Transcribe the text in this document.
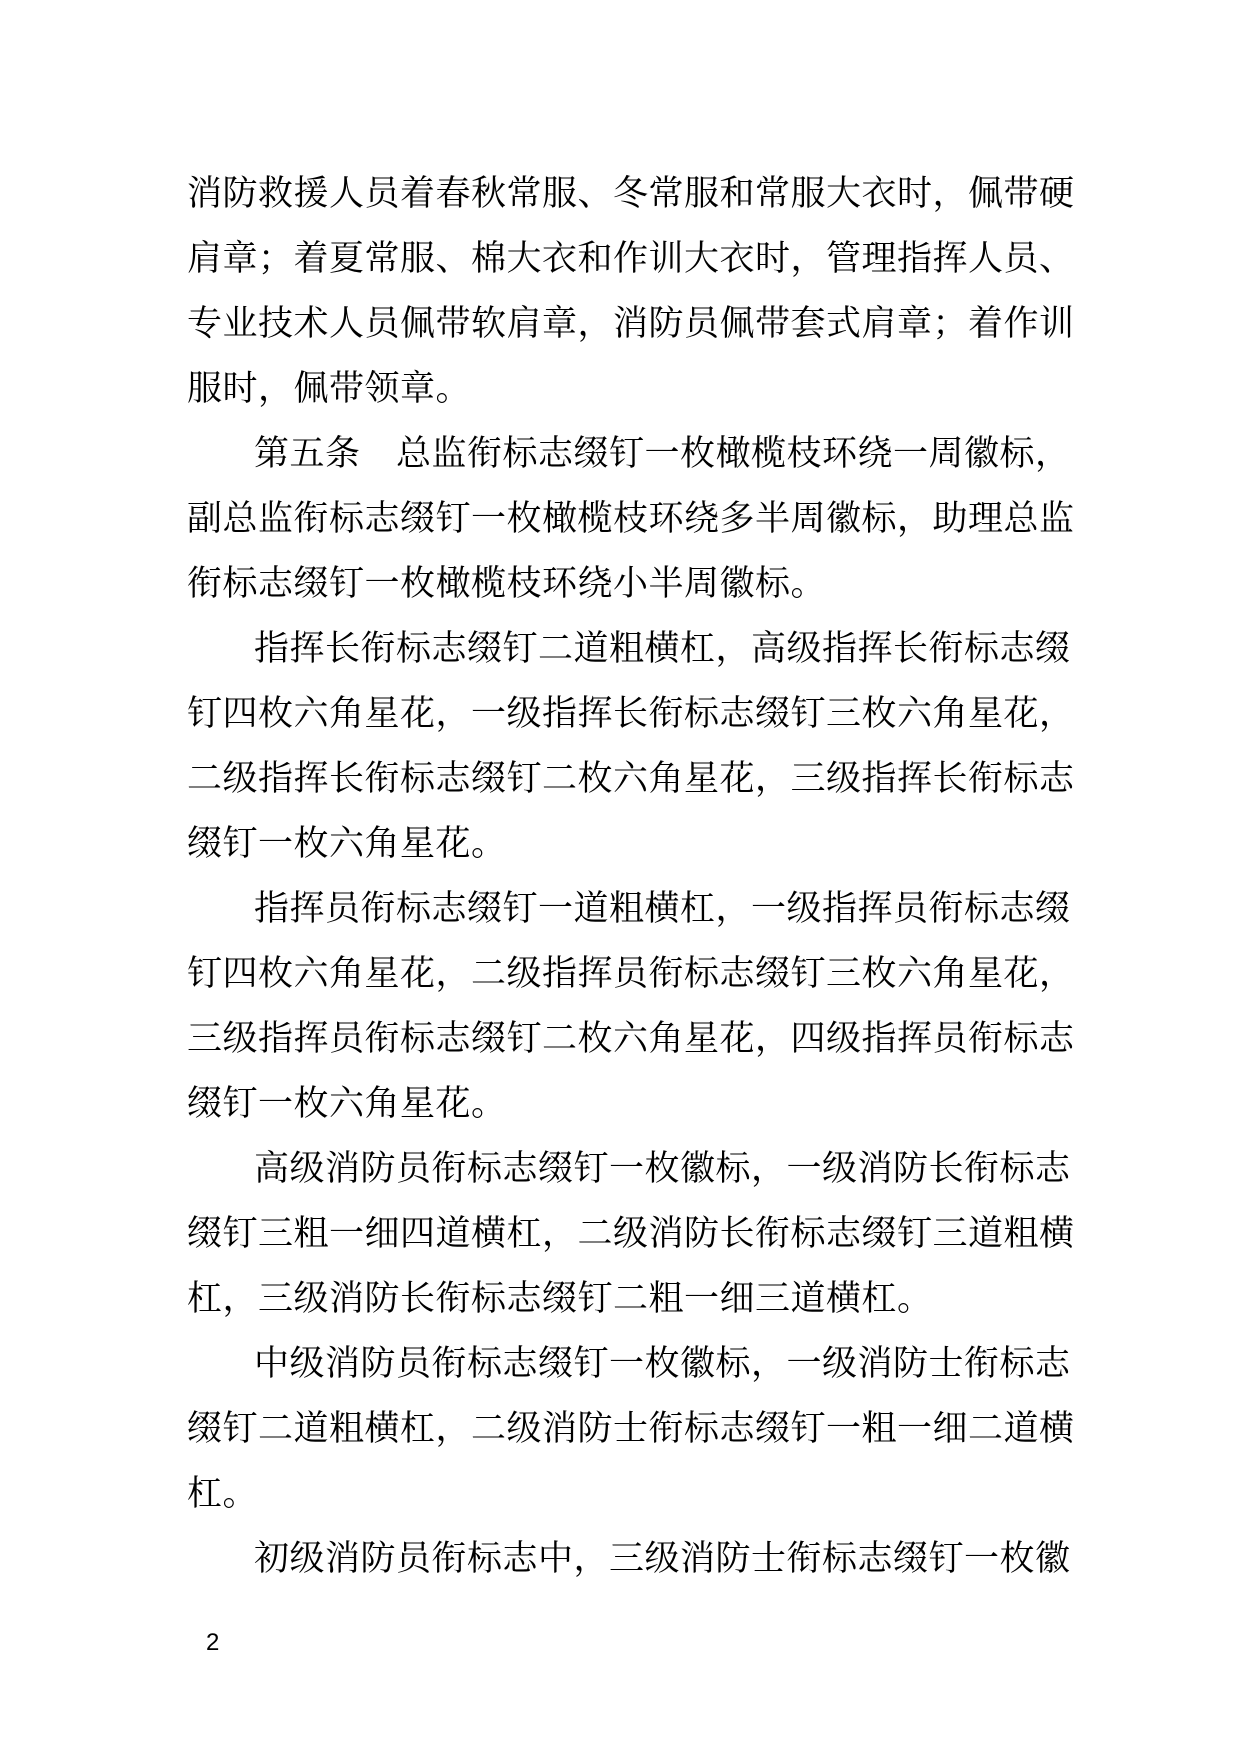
消防救援人员着春秋常服、冬常服和常服大衣时，佩带硬
肩章；着夏常服、棉大衣和作训大衣时，管理指挥人员、
专业技术人员佩带软肩章，消防员佩带套式肩章；着作训
服时，佩带领章。
第五条　总监衔标志缀钉一枚橄榄枝环绕一周徽标，
副总监衔标志缀钉一枚橄榄枝环绕多半周徽标，助理总监
衔标志缀钉一枚橄榄枝环绕小半周徽标。
指挥长衔标志缀钉二道粗横杠，高级指挥长衔标志缀
钉四枚六角星花，一级指挥长衔标志缀钉三枚六角星花，
二级指挥长衔标志缀钉二枚六角星花，三级指挥长衔标志
缀钉一枚六角星花。
指挥员衔标志缀钉一道粗横杠，一级指挥员衔标志缀
钉四枚六角星花，二级指挥员衔标志缀钉三枚六角星花，
三级指挥员衔标志缀钉二枚六角星花，四级指挥员衔标志
缀钉一枚六角星花。
高级消防员衔标志缀钉一枚徽标，一级消防长衔标志
缀钉三粗一细四道横杠，二级消防长衔标志缀钉三道粗横
杠，三级消防长衔标志缀钉二粗一细三道横杠。
中级消防员衔标志缀钉一枚徽标，一级消防士衔标志
缀钉二道粗横杠，二级消防士衔标志缀钉一粗一细二道横
杠。
初级消防员衔标志中，三级消防士衔标志缀钉一枚徽
2
